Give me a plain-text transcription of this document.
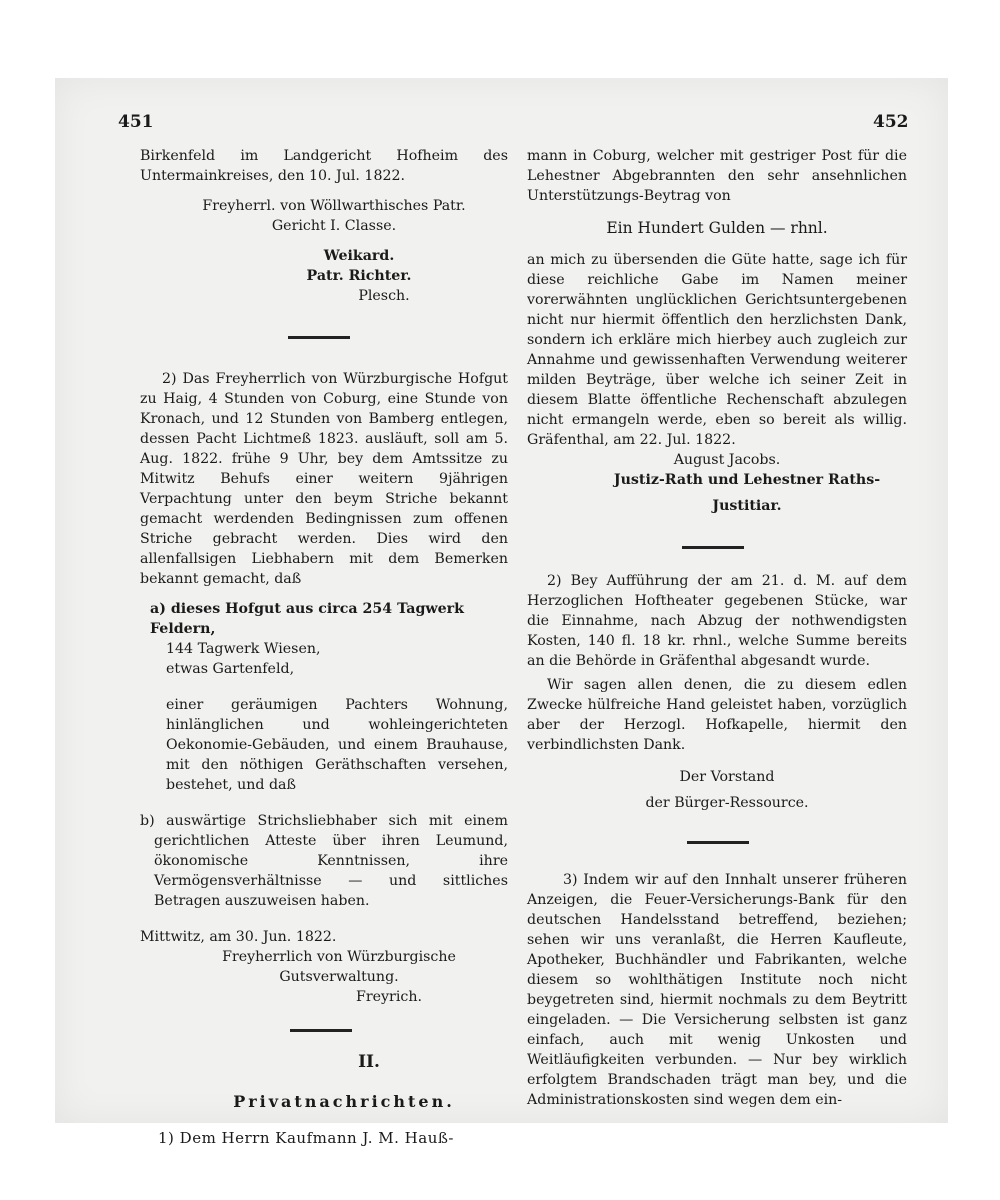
451	452

Birkenfeld im Landgericht Hofheim des Untermainkreises, den 10. Jul. 1822.

Freyherrl. von Wöllwarthisches Patr. Gericht I. Classe.

Weikard.

Patr. Richter.

Plesch.

2) Das Freyherrlich von Würzburgische Hofgut zu Haig, 4 Stunden von Coburg, eine Stunde von Kronach, und 12 Stunden von Bamberg entlegen, dessen Pacht Lichtmeß 1823. ausläuft, soll am 5. Aug. 1822. frühe 9 Uhr, bey dem Amtssitze zu Mitwitz Behufs einer weitern 9jährigen Verpachtung unter den beym Striche bekannt gemacht werdenden Bedingnissen zum offenen Striche gebracht werden. Dies wird den allenfallsigen Liebhabern mit dem Bemerken bekannt gemacht, daß

a) dieses Hofgut aus circa 254 Tagwerk Feldern,

144 Tagwerk Wiesen,

etwas Gartenfeld,

einer geräumigen Pachters Wohnung, hinlänglichen und wohleingerichteten Oekonomie-Gebäuden, und einem Brauhause, mit den nöthigen Geräthschaften versehen, bestehet, und daß

b) auswärtige Strichsliebhaber sich mit einem gerichtlichen Atteste über ihren Leumund, ökonomische Kenntnissen, ihre Vermögensverhältnisse — und sittliches Betragen auszuweisen haben.

Mittwitz, am 30. Jun. 1822.

Freyherrlich von Würzburgische

Gutsverwaltung.

Freyrich.

II.

Privatnachrichten.

1) Dem Herrn Kaufmann J. M. Hauß-

mann in Coburg, welcher mit gestriger Post für die Lehestner Abgebrannten den sehr ansehnlichen Unterstützungs-Beytrag von

Ein Hundert Gulden — rhnl.

an mich zu übersenden die Güte hatte, sage ich für diese reichliche Gabe im Namen meiner vorerwähnten unglücklichen Gerichtsuntergebenen nicht nur hiermit öffentlich den herzlichsten Dank, sondern ich erkläre mich hierbey auch zugleich zur Annahme und gewissenhaften Verwendung weiterer milden Beyträge, über welche ich seiner Zeit in diesem Blatte öffentliche Rechenschaft abzulegen nicht ermangeln werde, eben so bereit als willig. Gräfenthal, am 22. Jul. 1822.

August Jacobs.

Justiz-Rath und Lehestner Raths-

Justitiar.

2) Bey Aufführung der am 21. d. M. auf dem Herzoglichen Hoftheater gegebenen Stücke, war die Einnahme, nach Abzug der nothwendigsten Kosten, 140 fl. 18 kr. rhnl., welche Summe bereits an die Behörde in Gräfenthal abgesandt wurde.

Wir sagen allen denen, die zu diesem edlen Zwecke hülfreiche Hand geleistet haben, vorzüglich aber der Herzogl. Hofkapelle, hiermit den verbindlichsten Dank.

Der Vorstand

der Bürger-Ressource.

3) Indem wir auf den Innhalt unserer früheren Anzeigen, die Feuer-Versicherungs-Bank für den deutschen Handelsstand betreffend, beziehen; sehen wir uns veranlaßt, die Herren Kaufleute, Apotheker, Buchhändler und Fabrikanten, welche diesem so wohlthätigen Institute noch nicht beygetreten sind, hiermit nochmals zu dem Beytritt eingeladen. — Die Versicherung selbsten ist ganz einfach, auch mit wenig Unkosten und Weitläufigkeiten verbunden. — Nur bey wirklich erfolgtem Brandschaden trägt man bey, und die Administrationskosten sind wegen dem ein-
